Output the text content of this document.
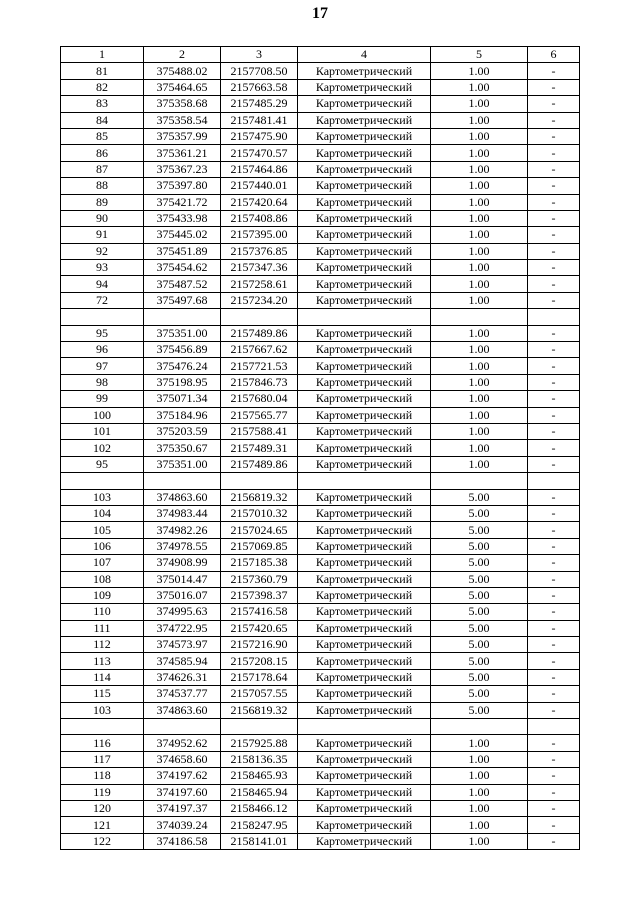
17
1	2	3	4	5	6
81	375488.02	2157708.50	Картометрический	1.00	-
82	375464.65	2157663.58	Картометрический	1.00	-
83	375358.68	2157485.29	Картометрический	1.00	-
84	375358.54	2157481.41	Картометрический	1.00	-
85	375357.99	2157475.90	Картометрический	1.00	-
86	375361.21	2157470.57	Картометрический	1.00	-
87	375367.23	2157464.86	Картометрический	1.00	-
88	375397.80	2157440.01	Картометрический	1.00	-
89	375421.72	2157420.64	Картометрический	1.00	-
90	375433.98	2157408.86	Картометрический	1.00	-
91	375445.02	2157395.00	Картометрический	1.00	-
92	375451.89	2157376.85	Картометрический	1.00	-
93	375454.62	2157347.36	Картометрический	1.00	-
94	375487.52	2157258.61	Картометрический	1.00	-
72	375497.68	2157234.20	Картометрический	1.00	-

95	375351.00	2157489.86	Картометрический	1.00	-
96	375456.89	2157667.62	Картометрический	1.00	-
97	375476.24	2157721.53	Картометрический	1.00	-
98	375198.95	2157846.73	Картометрический	1.00	-
99	375071.34	2157680.04	Картометрический	1.00	-
100	375184.96	2157565.77	Картометрический	1.00	-
101	375203.59	2157588.41	Картометрический	1.00	-
102	375350.67	2157489.31	Картометрический	1.00	-
95	375351.00	2157489.86	Картометрический	1.00	-

103	374863.60	2156819.32	Картометрический	5.00	-
104	374983.44	2157010.32	Картометрический	5.00	-
105	374982.26	2157024.65	Картометрический	5.00	-
106	374978.55	2157069.85	Картометрический	5.00	-
107	374908.99	2157185.38	Картометрический	5.00	-
108	375014.47	2157360.79	Картометрический	5.00	-
109	375016.07	2157398.37	Картометрический	5.00	-
110	374995.63	2157416.58	Картометрический	5.00	-
111	374722.95	2157420.65	Картометрический	5.00	-
112	374573.97	2157216.90	Картометрический	5.00	-
113	374585.94	2157208.15	Картометрический	5.00	-
114	374626.31	2157178.64	Картометрический	5.00	-
115	374537.77	2157057.55	Картометрический	5.00	-
103	374863.60	2156819.32	Картометрический	5.00	-

116	374952.62	2157925.88	Картометрический	1.00	-
117	374658.60	2158136.35	Картометрический	1.00	-
118	374197.62	2158465.93	Картометрический	1.00	-
119	374197.60	2158465.94	Картометрический	1.00	-
120	374197.37	2158466.12	Картометрический	1.00	-
121	374039.24	2158247.95	Картометрический	1.00	-
122	374186.58	2158141.01	Картометрический	1.00	-
